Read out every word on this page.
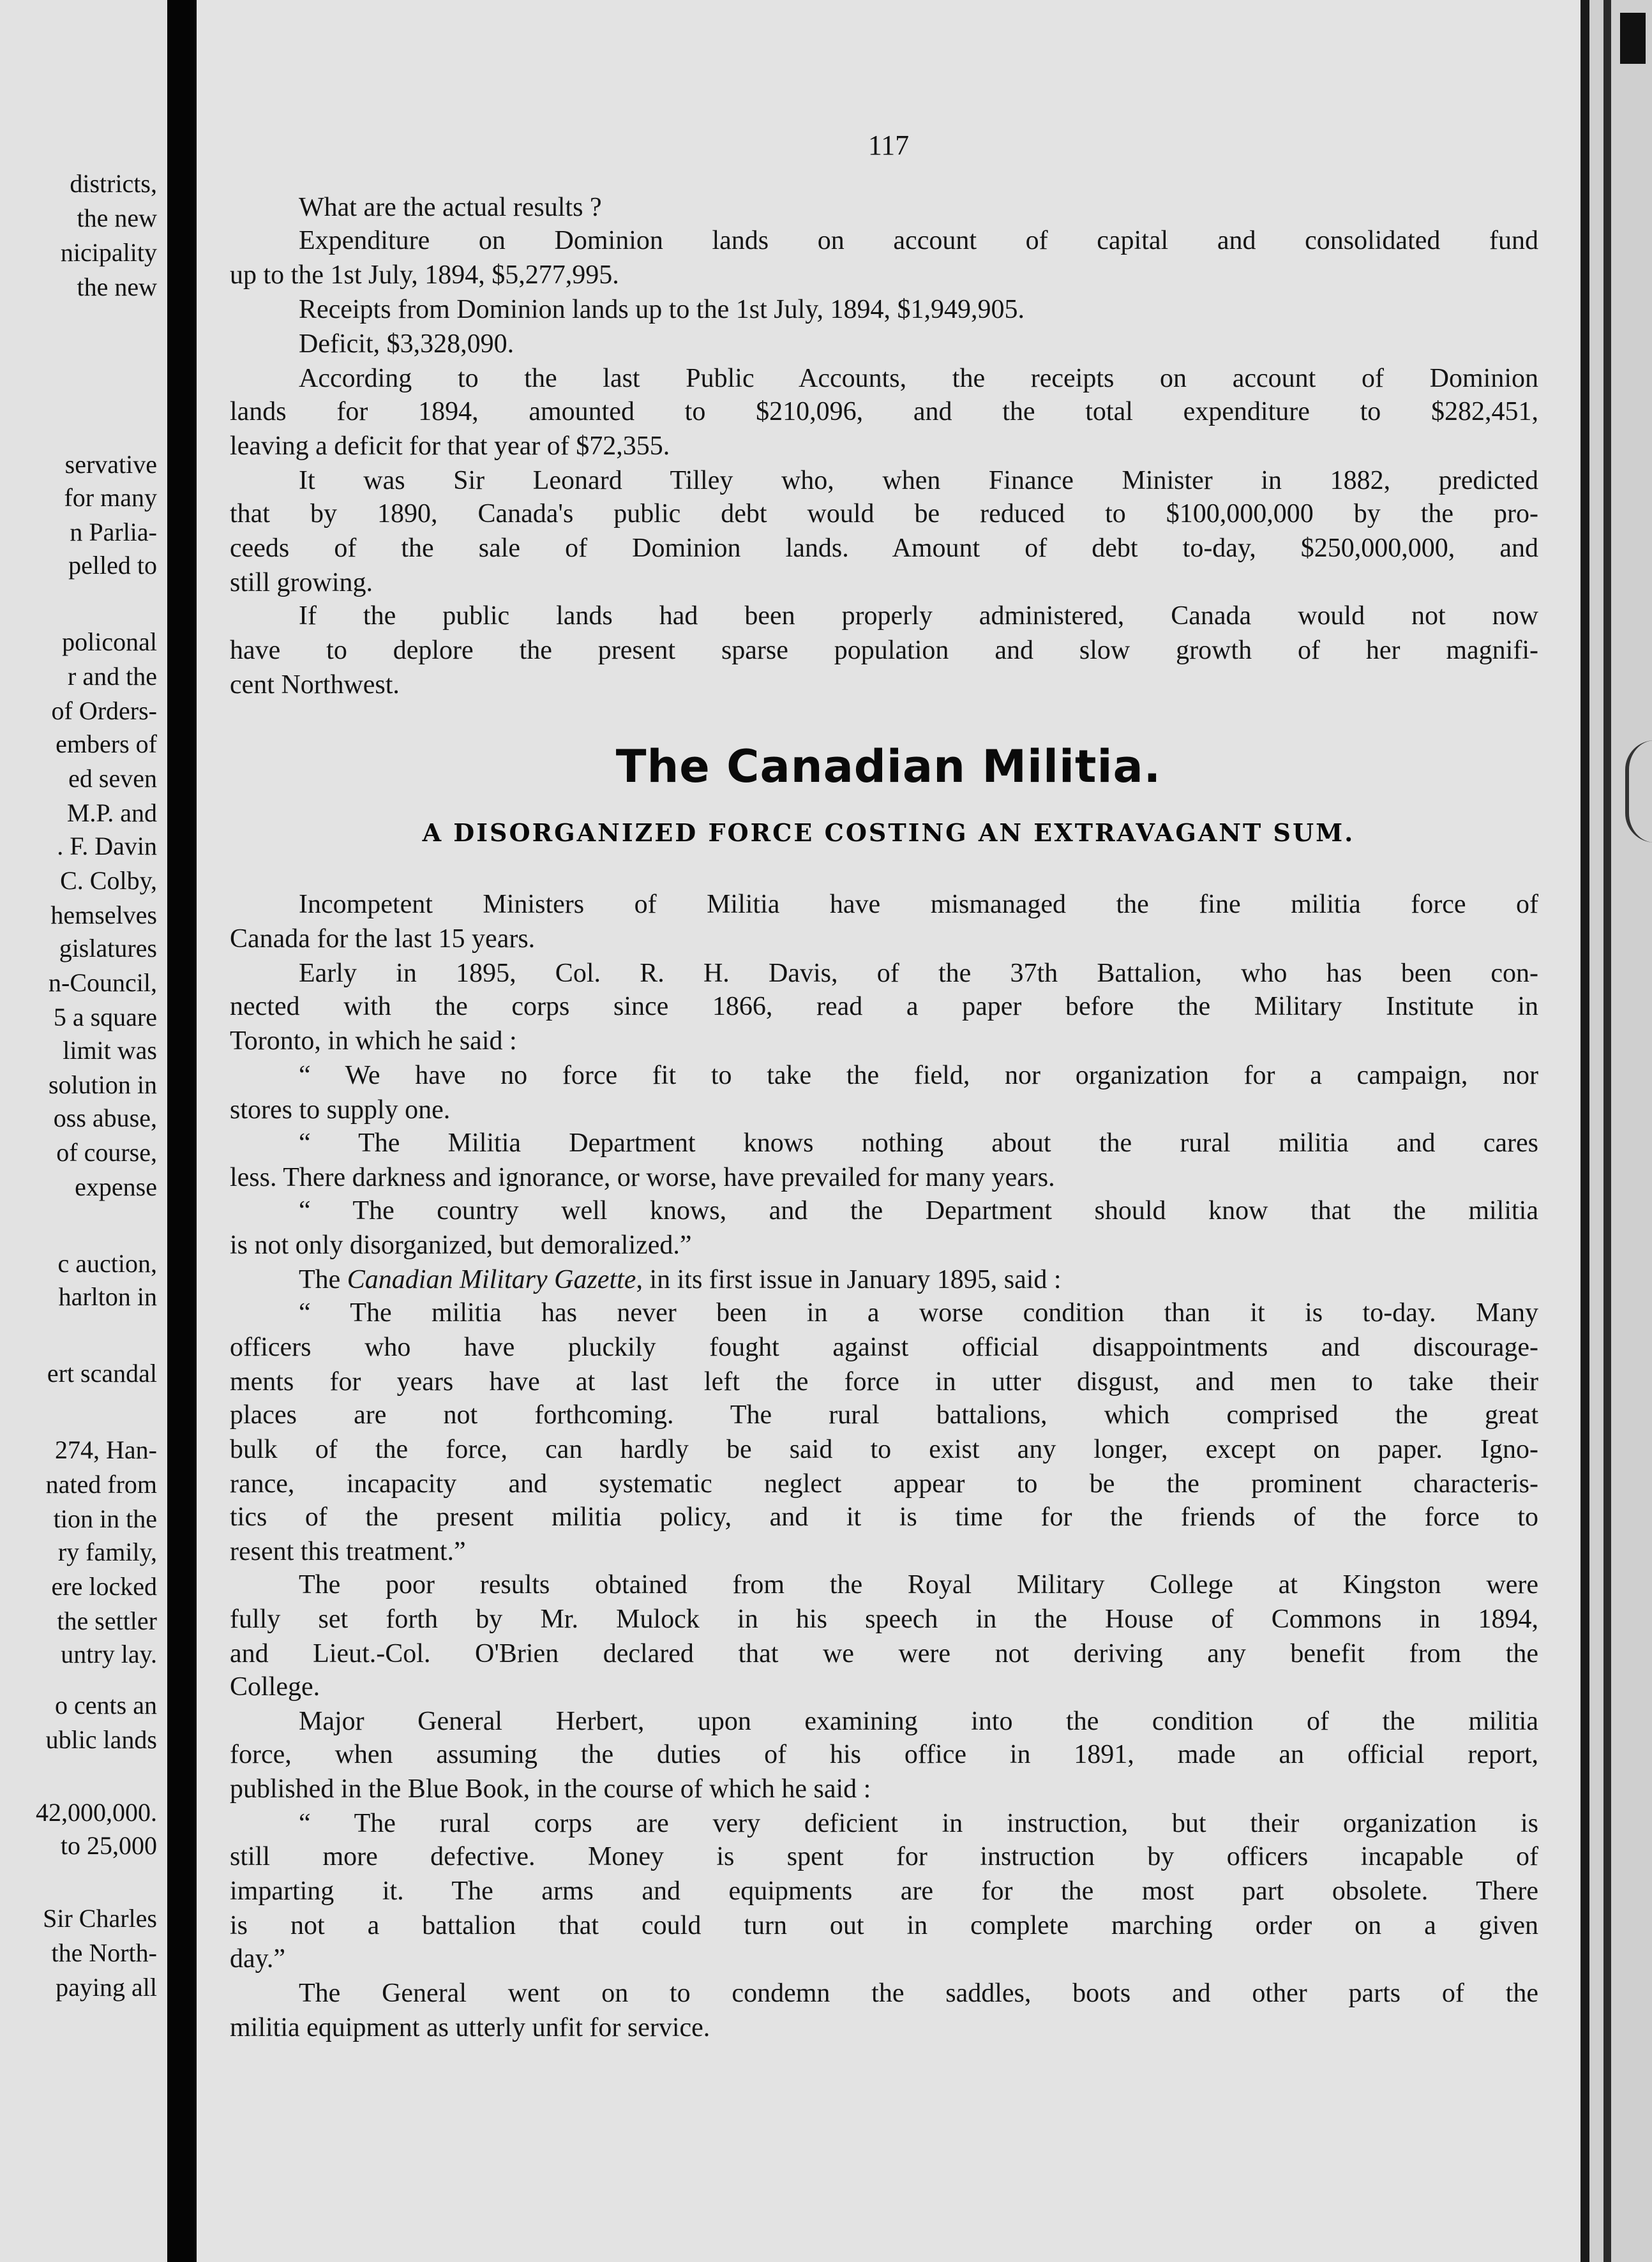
districts,
the new
nicipality
the new
servative
for many
n Parlia-
pelled to
policonal
r and the
of Orders-
embers of
ed seven
M.P. and
. F. Davin
C. Colby,
hemselves
gislatures
n-Council,
5 a square
limit was
solution in
oss abuse,
of course,
expense
c auction,
harlton in
ert scandal
274, Han-
nated from
tion in the
ry family,
ere locked
the settler
untry lay.
o cents an
ublic lands
42,000,000.
to 25,000
Sir Charles
the North-
paying all
117
What are the actual results ?
Expenditure on Dominion lands on account of capital and consolidated fund
up to the 1st July, 1894, $5,277,995.
Receipts from Dominion lands up to the 1st July, 1894, $1,949,905.
Deficit, $3,328,090.
According to the last Public Accounts, the receipts on account of Dominion
lands for 1894, amounted to $210,096, and the total expenditure to $282,451,
leaving a deficit for that year of $72,355.
It was Sir Leonard Tilley who, when Finance Minister in 1882, predicted
that by 1890, Canada's public debt would be reduced to $100,000,000 by the pro-
ceeds of the sale of Dominion lands. Amount of debt to-day, $250,000,000, and
still growing.
If the public lands had been properly administered, Canada would not now
have to deplore the present sparse population and slow growth of her magnifi-
cent Northwest.
The Canadian Militia.
A DISORGANIZED FORCE COSTING AN EXTRAVAGANT SUM.
Incompetent Ministers of Militia have mismanaged the fine militia force of
Canada for the last 15 years.
Early in 1895, Col. R. H. Davis, of the 37th Battalion, who has been con-
nected with the corps since 1866, read a paper before the Military Institute in
Toronto, in which he said :
“ We have no force fit to take the field, nor organization for a campaign, nor
stores to supply one.
“ The Militia Department knows nothing about the rural militia and cares
less. There darkness and ignorance, or worse, have prevailed for many years.
“ The country well knows, and the Department should know that the militia
is not only disorganized, but demoralized.”
The Canadian Military Gazette, in its first issue in January 1895, said :
“ The militia has never been in a worse condition than it is to-day. Many
officers who have pluckily fought against official disappointments and discourage-
ments for years have at last left the force in utter disgust, and men to take their
places are not forthcoming. The rural battalions, which comprised the great
bulk of the force, can hardly be said to exist any longer, except on paper. Igno-
rance, incapacity and systematic neglect appear to be the prominent characteris-
tics of the present militia policy, and it is time for the friends of the force to
resent this treatment.”
The poor results obtained from the Royal Military College at Kingston were
fully set forth by Mr. Mulock in his speech in the House of Commons in 1894,
and Lieut.-Col. O'Brien declared that we were not deriving any benefit from the
College.
Major General Herbert, upon examining into the condition of the militia
force, when assuming the duties of his office in 1891, made an official report,
published in the Blue Book, in the course of which he said :
“ The rural corps are very deficient in instruction, but their organization is
still more defective. Money is spent for instruction by officers incapable of
imparting it. The arms and equipments are for the most part obsolete. There
is not a battalion that could turn out in complete marching order on a given
day.”
The General went on to condemn the saddles, boots and other parts of the
militia equipment as utterly unfit for service.
